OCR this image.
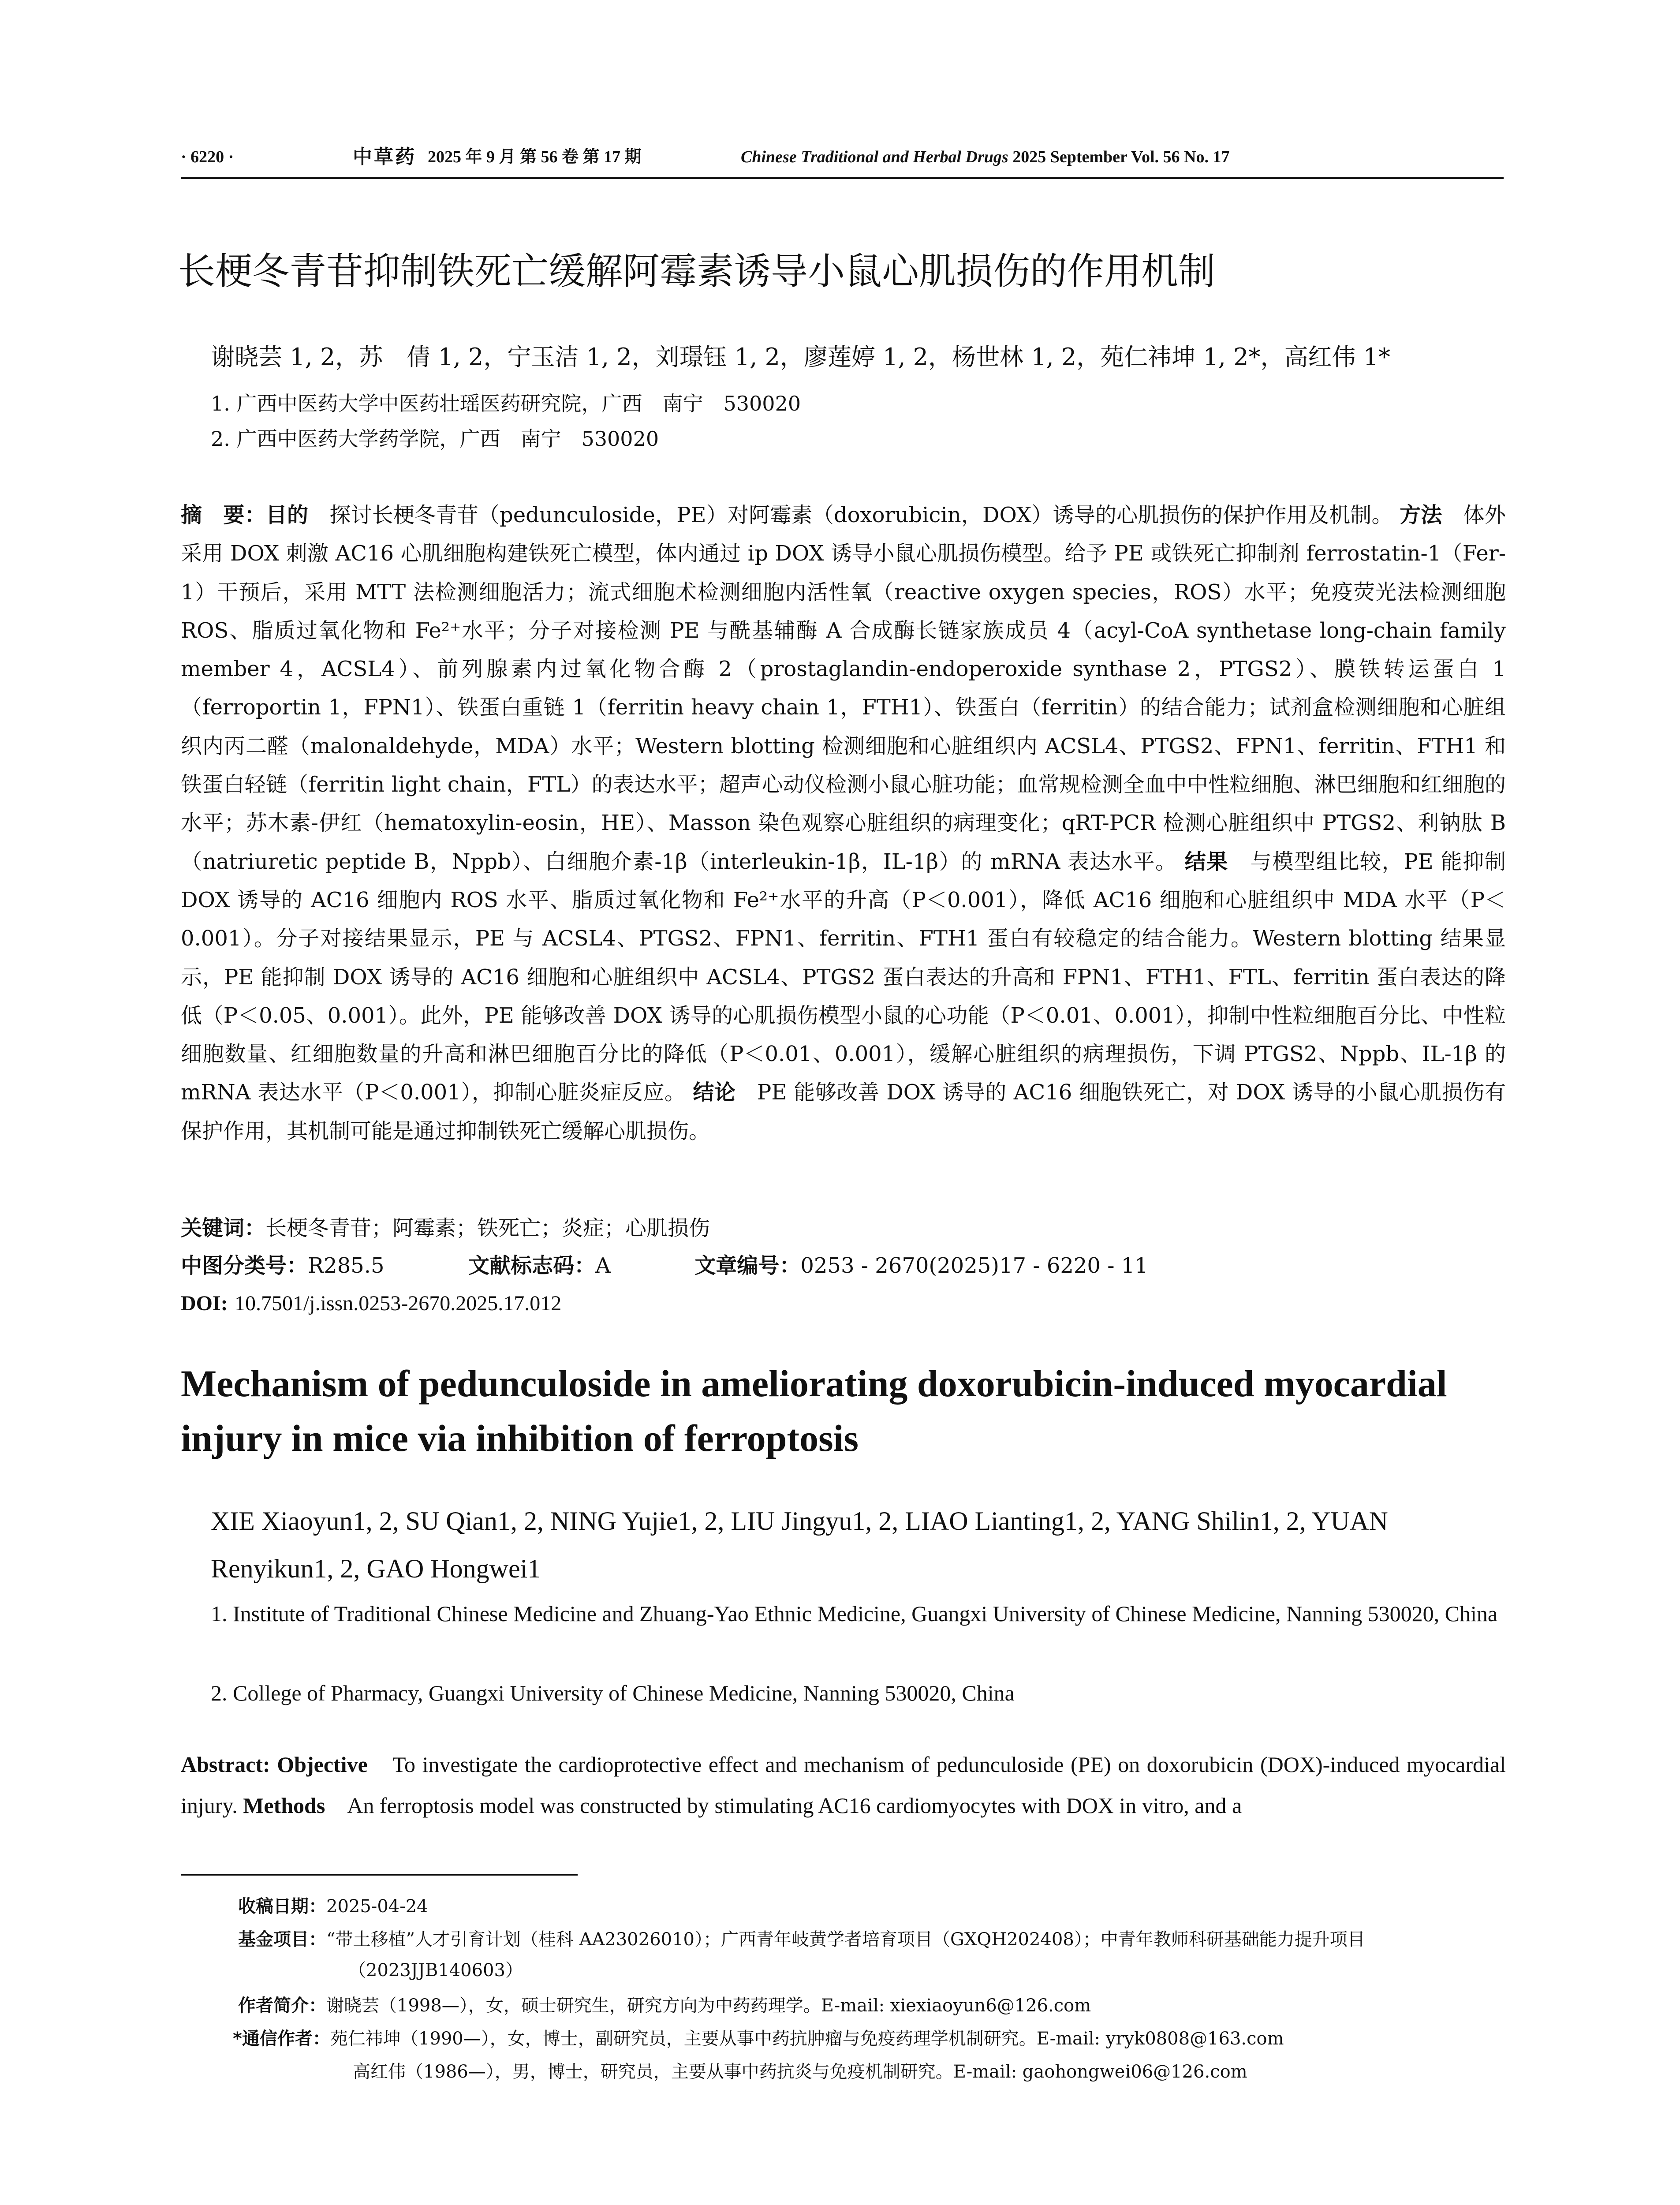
· 6220 ·	中草药 2025 年 9 月 第 56 卷 第 17 期	Chinese Traditional and Herbal Drugs 2025 September Vol. 56 No. 17
长梗冬青苷抑制铁死亡缓解阿霉素诱导小鼠心肌损伤的作用机制
谢晓芸 1, 2，苏　倩 1, 2，宁玉洁 1, 2，刘璟钰 1, 2，廖莲婷 1, 2，杨世林 1, 2，苑仁祎坤 1, 2*，高红伟 1*
1. 广西中医药大学中医药壮瑶医药研究院，广西　南宁　530020
2. 广西中医药大学药学院，广西　南宁　530020
摘　要：目的　 探讨长梗冬青苷（pedunculoside，PE）对阿霉素（doxorubicin，DOX）诱导的心肌损伤的保护作用及机制。 方法　 体外采用 DOX 刺激 AC16 心肌细胞构建铁死亡模型，体内通过 ip DOX 诱导小鼠心肌损伤模型。给予 PE 或铁死亡抑制剂 ferrostatin-1（Fer-1）干预后，采用 MTT 法检测细胞活力；流式细胞术检测细胞内活性氧（reactive oxygen species，ROS）水平；免疫荧光法检测细胞 ROS、脂质过氧化物和 Fe²⁺水平；分子对接检测 PE 与酰基辅酶 A 合成酶长链家族成员 4（acyl-CoA synthetase long-chain family member 4，ACSL4）、前列腺素内过氧化物合酶 2（prostaglandin-endoperoxide synthase 2，PTGS2）、膜铁转运蛋白 1（ferroportin 1，FPN1）、铁蛋白重链 1（ferritin heavy chain 1，FTH1）、铁蛋白（ferritin）的结合能力；试剂盒检测细胞和心脏组织内丙二醛（malonaldehyde，MDA）水平；Western blotting 检测细胞和心脏组织内 ACSL4、PTGS2、FPN1、ferritin、FTH1 和铁蛋白轻链（ferritin light chain，FTL）的表达水平；超声心动仪检测小鼠心脏功能；血常规检测全血中中性粒细胞、淋巴细胞和红细胞的水平；苏木素-伊红（hematoxylin-eosin，HE）、Masson 染色观察心脏组织的病理变化；qRT-PCR 检测心脏组织中 PTGS2、利钠肽 B（natriuretic peptide B，Nppb）、白细胞介素-1β（interleukin-1β，IL-1β）的 mRNA 表达水平。 结果　 与模型组比较，PE 能抑制 DOX 诱导的 AC16 细胞内 ROS 水平、脂质过氧化物和 Fe²⁺水平的升高（P＜0.001），降低 AC16 细胞和心脏组织中 MDA 水平（P＜0.001）。分子对接结果显示，PE 与 ACSL4、PTGS2、FPN1、ferritin、FTH1 蛋白有较稳定的结合能力。Western blotting 结果显示，PE 能抑制 DOX 诱导的 AC16 细胞和心脏组织中 ACSL4、PTGS2 蛋白表达的升高和 FPN1、FTH1、FTL、ferritin 蛋白表达的降低（P＜0.05、0.001）。此外，PE 能够改善 DOX 诱导的心肌损伤模型小鼠的心功能（P＜0.01、0.001），抑制中性粒细胞百分比、中性粒细胞数量、红细胞数量的升高和淋巴细胞百分比的降低（P＜0.01、0.001），缓解心脏组织的病理损伤，下调 PTGS2、Nppb、IL-1β 的 mRNA 表达水平（P＜0.001），抑制心脏炎症反应。 结论　 PE 能够改善 DOX 诱导的 AC16 细胞铁死亡，对 DOX 诱导的小鼠心肌损伤有保护作用，其机制可能是通过抑制铁死亡缓解心肌损伤。
关键词：长梗冬青苷；阿霉素；铁死亡；炎症；心肌损伤
中图分类号：R285.5	文献标志码：A	文章编号：0253 - 2670(2025)17 - 6220 - 11
DOI: 10.7501/j.issn.0253-2670.2025.17.012
Mechanism of pedunculoside in ameliorating doxorubicin-induced myocardial injury in mice via inhibition of ferroptosis
XIE Xiaoyun1, 2, SU Qian1, 2, NING Yujie1, 2, LIU Jingyu1, 2, LIAO Lianting1, 2, YANG Shilin1, 2, YUAN Renyikun1, 2, GAO Hongwei1
1. Institute of Traditional Chinese Medicine and Zhuang-Yao Ethnic Medicine, Guangxi University of Chinese Medicine, Nanning 530020, China
2. College of Pharmacy, Guangxi University of Chinese Medicine, Nanning 530020, China
Abstract: Objective　 To investigate the cardioprotective effect and mechanism of pedunculoside (PE) on doxorubicin (DOX)-induced myocardial injury. Methods　 An ferroptosis model was constructed by stimulating AC16 cardiomyocytes with DOX in vitro, and a
收稿日期：2025-04-24
基金项目：“带土移植”人才引育计划（桂科 AA23026010）；广西青年岐黄学者培育项目（GXQH202408）；中青年教师科研基础能力提升项目
（2023JJB140603）
作者简介：谢晓芸（1998—），女，硕士研究生，研究方向为中药药理学。E-mail: xiexiaoyun6@126.com
*通信作者：苑仁祎坤（1990—），女，博士，副研究员，主要从事中药抗肿瘤与免疫药理学机制研究。E-mail: yryk0808@163.com
高红伟（1986—），男，博士，研究员，主要从事中药抗炎与免疫机制研究。E-mail: gaohongwei06@126.com
